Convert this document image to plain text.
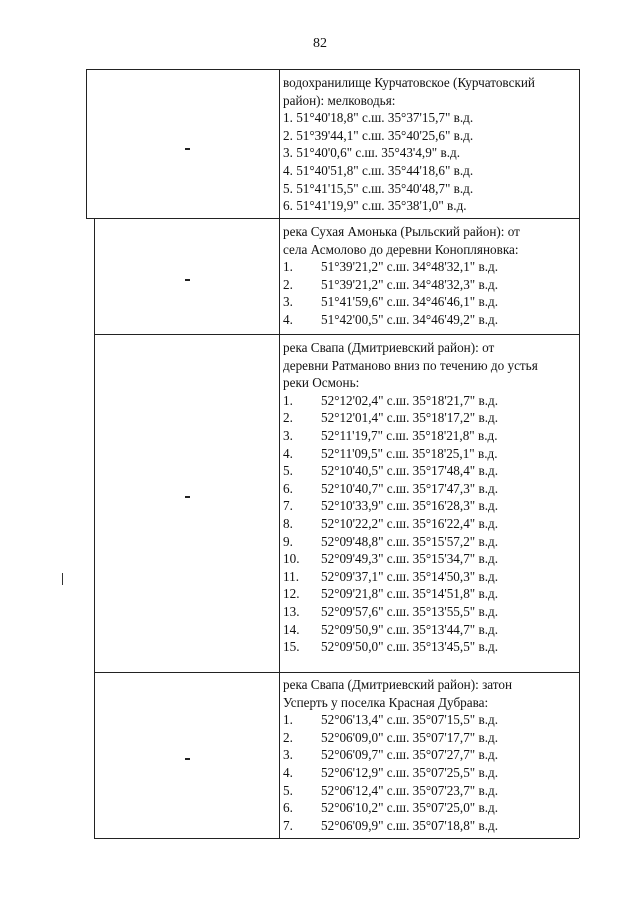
82

водохранилище Курчатовское (Курчатовский

район): мелководья:

1. 51°40'18,8" с.ш. 35°37'15,7" в.д.
2. 51°39'44,1" с.ш. 35°40'25,6" в.д.
3. 51°40'0,6" с.ш. 35°43'4,9" в.д.
4. 51°40'51,8" с.ш. 35°44'18,6" в.д.
5. 51°41'15,5" с.ш. 35°40'48,7" в.д.
6. 51°41'19,9" с.ш. 35°38'1,0" в.д.

река Сухая Амонька (Рыльский район): от

села Асмолово до деревни Конопляновка:

1. 51°39'21,2" с.ш. 34°48'32,1" в.д.
2. 51°39'21,2" с.ш. 34°48'32,3" в.д.
3. 51°41'59,6" с.ш. 34°46'46,1" в.д.
4. 51°42'00,5" с.ш. 34°46'49,2" в.д.

река Свапа (Дмитриевский район): от

деревни Ратманово вниз по течению до устья

реки Осмонь:

1. 52°12'02,4" с.ш. 35°18'21,7" в.д.
2. 52°12'01,4" с.ш. 35°18'17,2" в.д.
3. 52°11'19,7" с.ш. 35°18'21,8" в.д.
4. 52°11'09,5" с.ш. 35°18'25,1" в.д.
5. 52°10'40,5" с.ш. 35°17'48,4" в.д.
6. 52°10'40,7" с.ш. 35°17'47,3" в.д.
7. 52°10'33,9" с.ш. 35°16'28,3" в.д.
8. 52°10'22,2" с.ш. 35°16'22,4" в.д.
9. 52°09'48,8" с.ш. 35°15'57,2" в.д.
10. 52°09'49,3" с.ш. 35°15'34,7" в.д.
11. 52°09'37,1" с.ш. 35°14'50,3" в.д.
12. 52°09'21,8" с.ш. 35°14'51,8" в.д.
13. 52°09'57,6" с.ш. 35°13'55,5" в.д.
14. 52°09'50,9" с.ш. 35°13'44,7" в.д.
15. 52°09'50,0" с.ш. 35°13'45,5" в.д.

река Свапа (Дмитриевский район): затон

Усперть у поселка Красная Дубрава:

1. 52°06'13,4" с.ш. 35°07'15,5" в.д.
2. 52°06'09,0" с.ш. 35°07'17,7" в.д.
3. 52°06'09,7" с.ш. 35°07'27,7" в.д.
4. 52°06'12,9" с.ш. 35°07'25,5" в.д.
5. 52°06'12,4" с.ш. 35°07'23,7" в.д.
6. 52°06'10,2" с.ш. 35°07'25,0" в.д.
7. 52°06'09,9" с.ш. 35°07'18,8" в.д.
